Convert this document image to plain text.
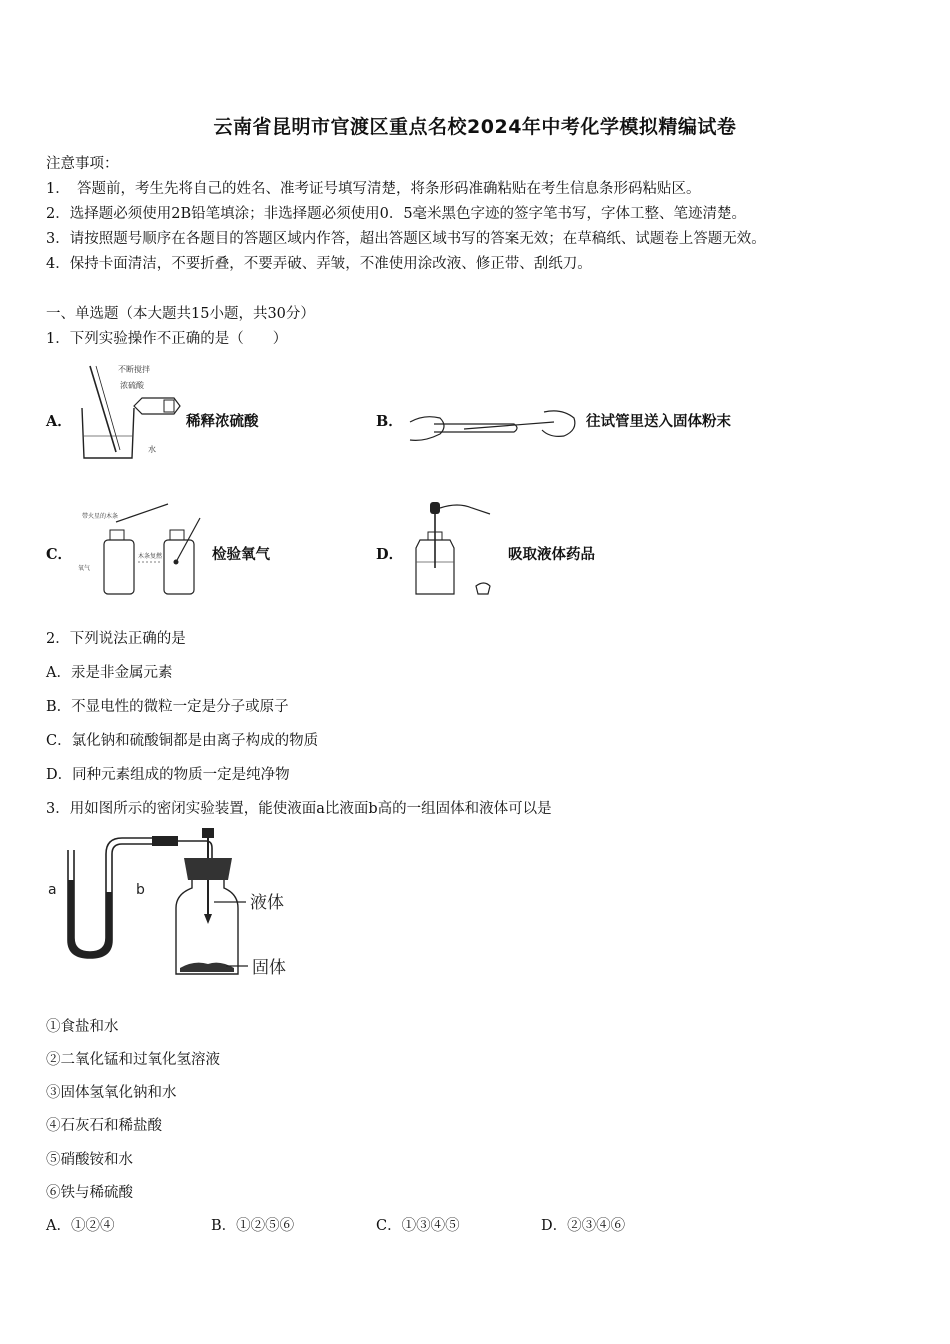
云南省昆明市官渡区重点名校2024年中考化学模拟精编试卷
注意事项：
1．　答题前，考生先将自己的姓名、准考证号填写清楚，将条形码准确粘贴在考生信息条形码粘贴区。
2．选择题必须使用2B铅笔填涂；非选择题必须使用0．5毫米黑色字迹的签字笔书写，字体工整、笔迹清楚。
3．请按照题号顺序在各题目的答题区域内作答，超出答题区域书写的答案无效；在草稿纸、试题卷上答题无效。
4．保持卡面清洁，不要折叠，不要弄破、弄皱，不准使用涂改液、修正带、刮纸刀。
一、单选题（本大题共15小题，共30分）
1．下列实验操作不正确的是（　　）
A．
不断搅拌
浓硫酸
水
稀释浓硫酸	B．	往试管里送入固体粉末
C．
带火星的木条
氧气
木条复燃	检验氧气	D．	吸取液体药品
2．下列说法正确的是
A．汞是非金属元素
B．不显电性的微粒一定是分子或原子
C．氯化钠和硫酸铜都是由离子构成的物质
D．同种元素组成的物质一定是纯净物
3．用如图所示的密闭实验装置，能使液面a比液面b高的一组固体和液体可以是
a	b
液体
固体
①食盐和水
②二氧化锰和过氧化氢溶液
③固体氢氧化钠和水
④石灰石和稀盐酸
⑤硝酸铵和水
⑥铁与稀硫酸
A．①②④	B．①②⑤⑥	C．①③④⑤	D．②③④⑥
